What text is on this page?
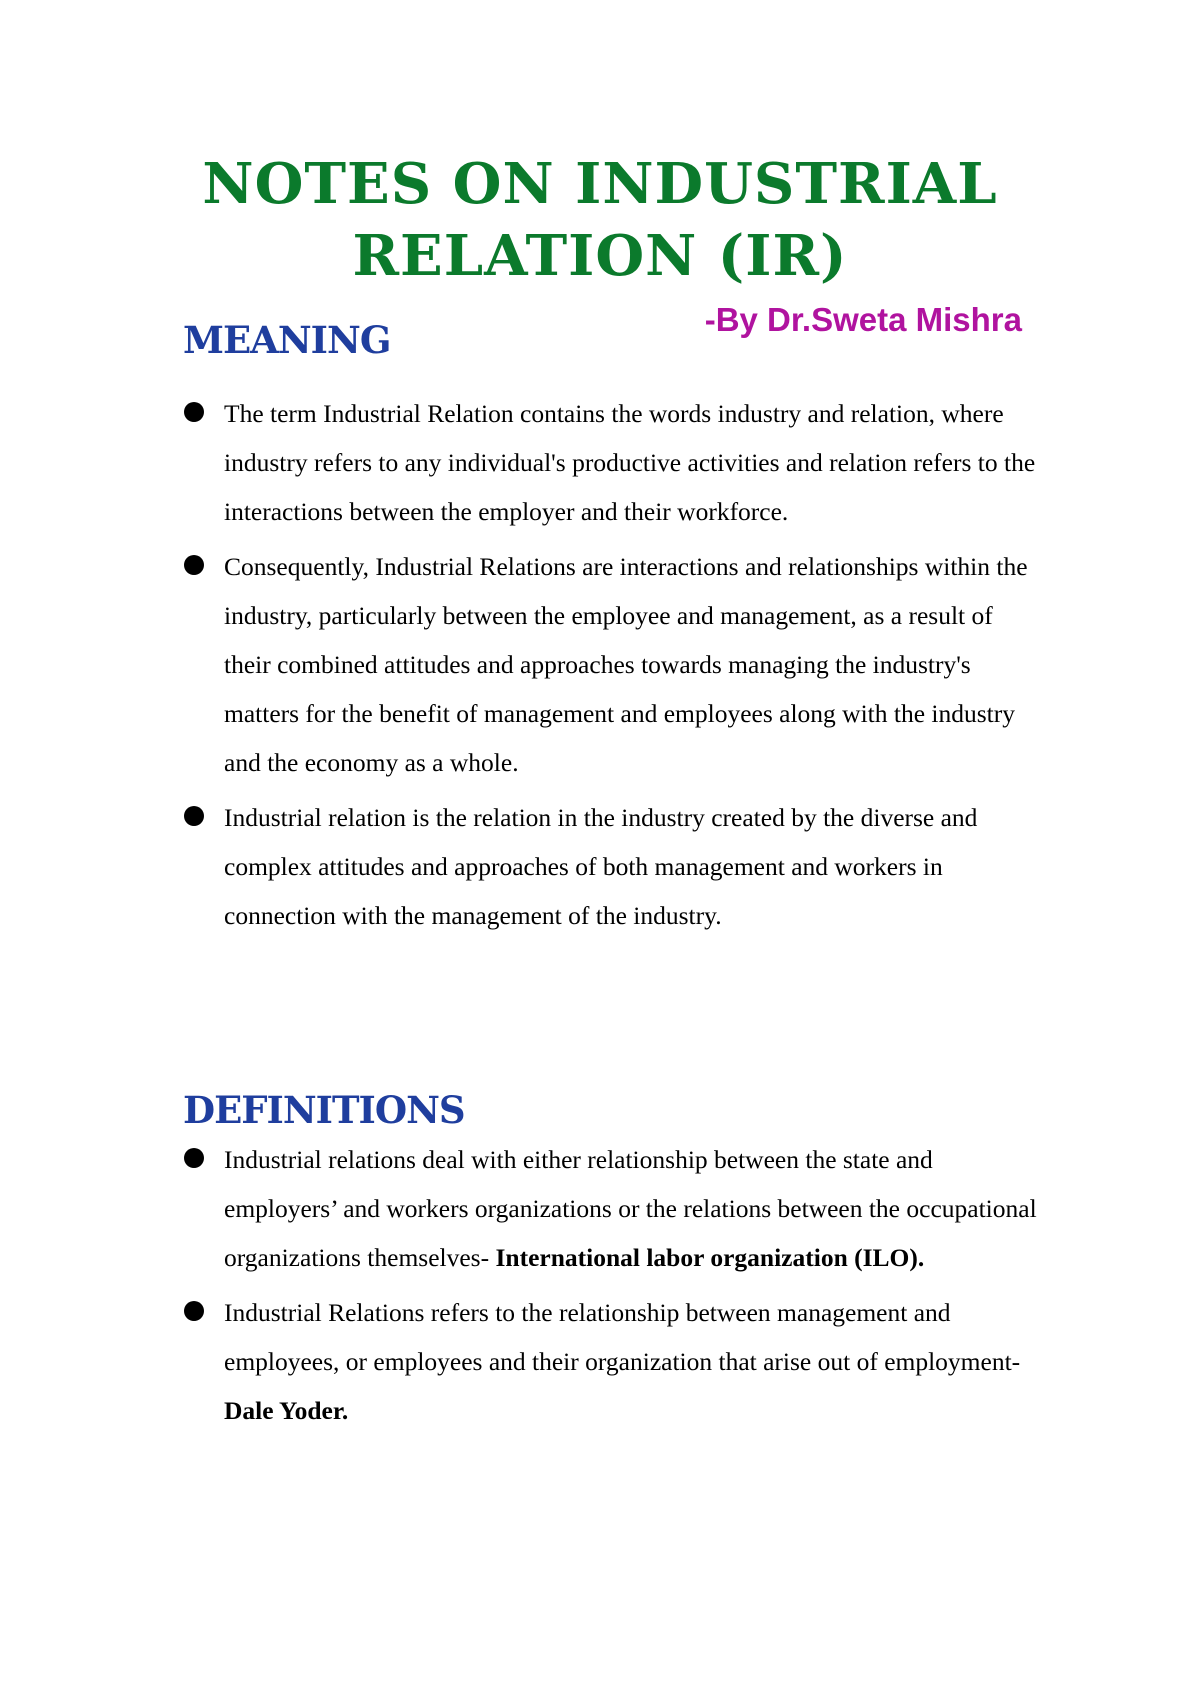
NOTES ON INDUSTRIAL
RELATION (IR)
-By Dr.Sweta Mishra
MEANING
The term Industrial Relation contains the words industry and relation, where industry refers to any individual's productive activities and relation refers to the interactions between the employer and their workforce.
Consequently, Industrial Relations are interactions and relationships within the industry, particularly between the employee and management, as a result of their combined attitudes and approaches towards managing the industry's matters for the benefit of management and employees along with the industry and the economy as a whole.
Industrial relation is the relation in the industry created by the diverse and complex attitudes and approaches of both management and workers in connection with the management of the industry.
DEFINITIONS
Industrial relations deal with either relationship between the state and employers’ and workers organizations or the relations between the occupational organizations themselves- International labor organization (ILO).
Industrial Relations refers to the relationship between management and employees, or employees and their organization that arise out of employment- Dale Yoder.
